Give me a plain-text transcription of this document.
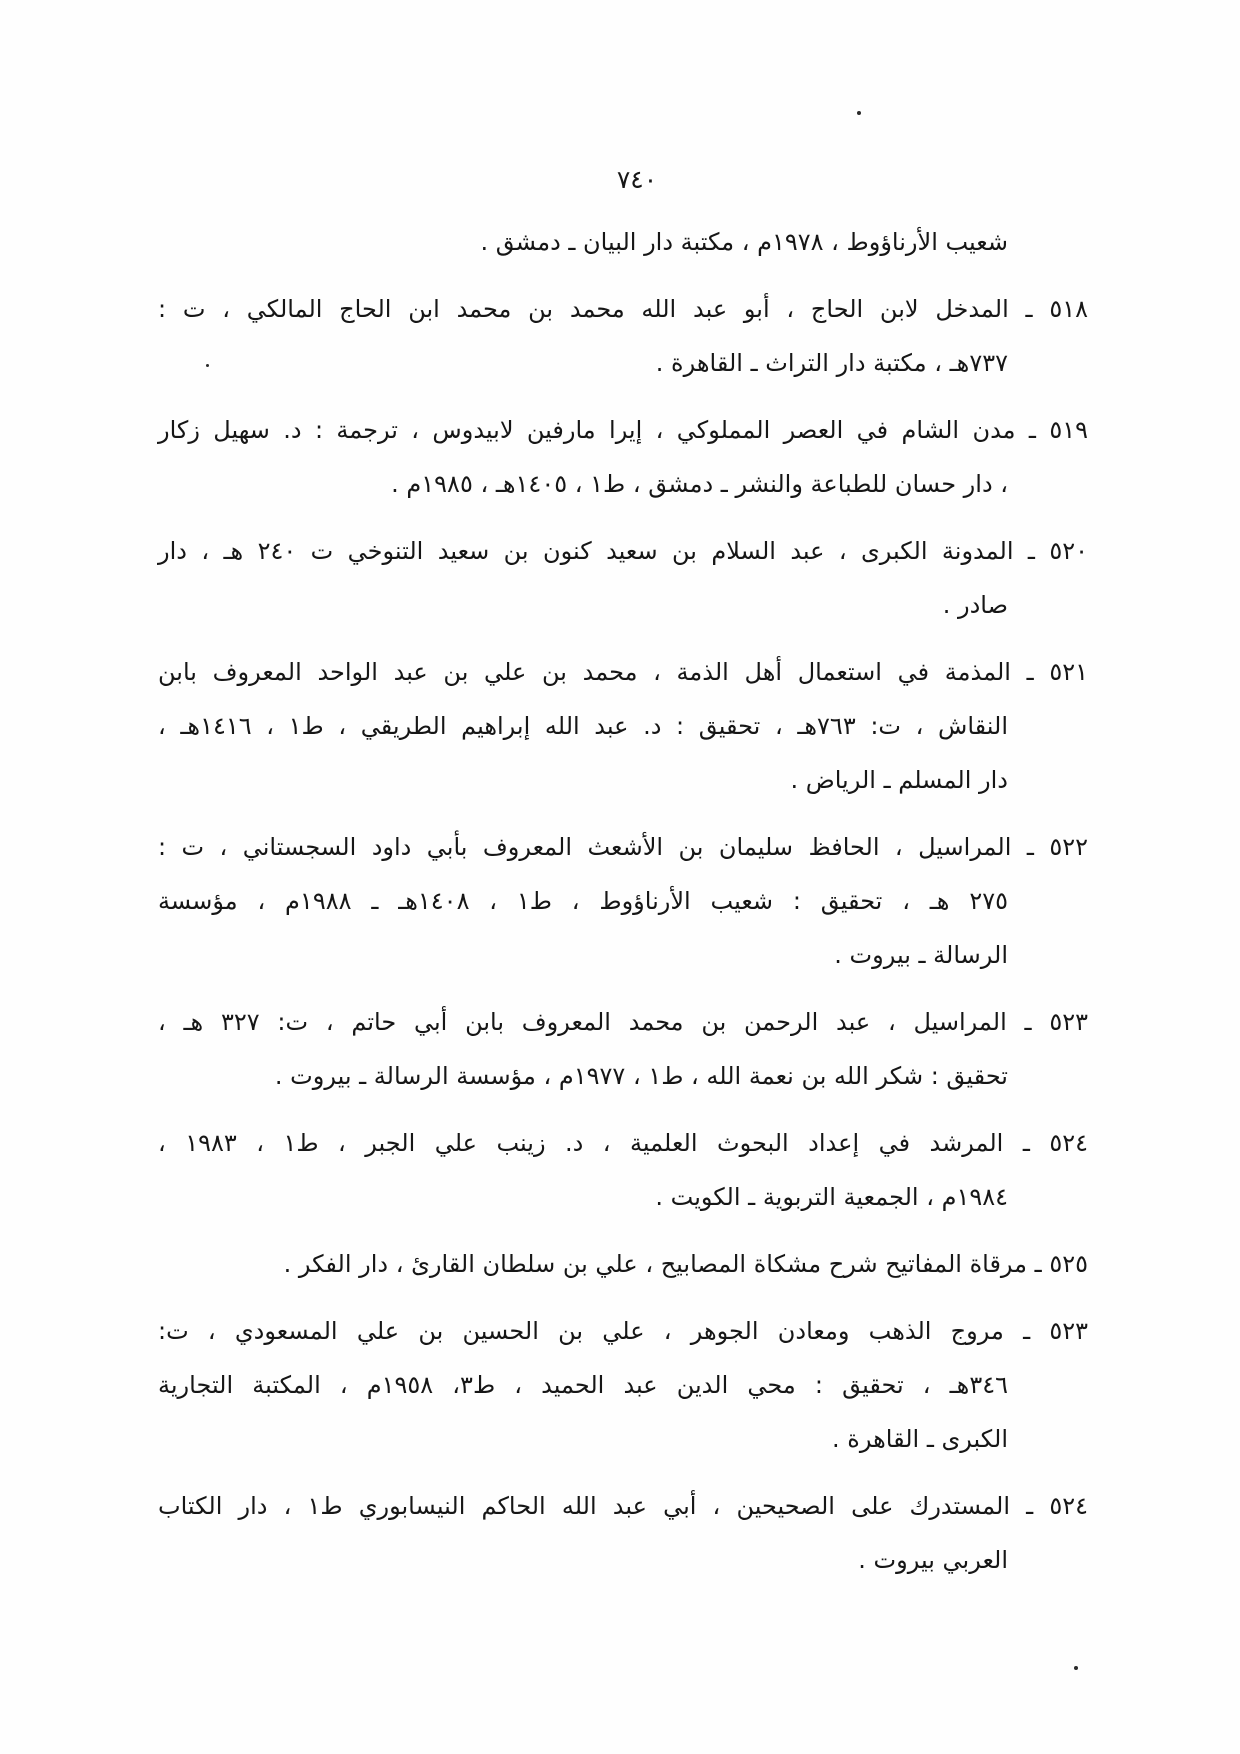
٧٤٠
شعيب الأرناؤوط ، ١٩٧٨م ، مكتبة دار البيان ـ دمشق .
٥١٨ ـ المدخل لابن الحاج ، أبو عبد الله محمد بن محمد ابن الحاج المالكي ، ت :
٧٣٧هـ ، مكتبة دار التراث ـ القاهرة .
٥١٩ ـ مدن الشام في العصر المملوكي ، إيرا مارفين لابيدوس ، ترجمة : د. سهيل زكار
، دار حسان للطباعة والنشر ـ دمشق ، ط١ ، ١٤٠٥هـ ، ١٩٨٥م .
٥٢٠ ـ المدونة الكبرى ، عبد السلام بن سعيد كنون بن سعيد التنوخي ت ٢٤٠ هـ ، دار
صادر .
٥٢١ ـ المذمة في استعمال أهل الذمة ، محمد بن علي بن عبد الواحد المعروف بابن
النقاش ، ت: ٧٦٣هـ ، تحقيق : د. عبد الله إبراهيم الطريقي ، ط١ ، ١٤١٦هـ ،
دار المسلم ـ الرياض .
٥٢٢ ـ المراسيل ، الحافظ سليمان بن الأشعث المعروف بأبي داود السجستاني ، ت :
٢٧٥ هـ ، تحقيق : شعيب الأرناؤوط ، ط١ ، ١٤٠٨هـ ـ ١٩٨٨م ، مؤسسة
الرسالة ـ بيروت .
٥٢٣ ـ المراسيل ، عبد الرحمن بن محمد المعروف بابن أبي حاتم ، ت: ٣٢٧ هـ ،
تحقيق : شكر الله بن نعمة الله ، ط١ ، ١٩٧٧م ، مؤسسة الرسالة ـ بيروت .
٥٢٤ ـ المرشد في إعداد البحوث العلمية ، د. زينب علي الجبر ، ط١ ، ١٩٨٣ ،
١٩٨٤م ، الجمعية التربوية ـ الكويت .
٥٢٥ ـ مرقاة المفاتيح شرح مشكاة المصابيح ، علي بن سلطان القارئ ، دار الفكر .
٥٢٣ ـ مروج الذهب ومعادن الجوهر ، علي بن الحسين بن علي المسعودي ، ت:
٣٤٦هـ ، تحقيق : محي الدين عبد الحميد ، ط٣، ١٩٥٨م ، المكتبة التجارية
الكبرى ـ القاهرة .
٥٢٤ ـ المستدرك على الصحيحين ، أبي عبد الله الحاكم النيسابوري ط١ ، دار الكتاب
العربي بيروت .
